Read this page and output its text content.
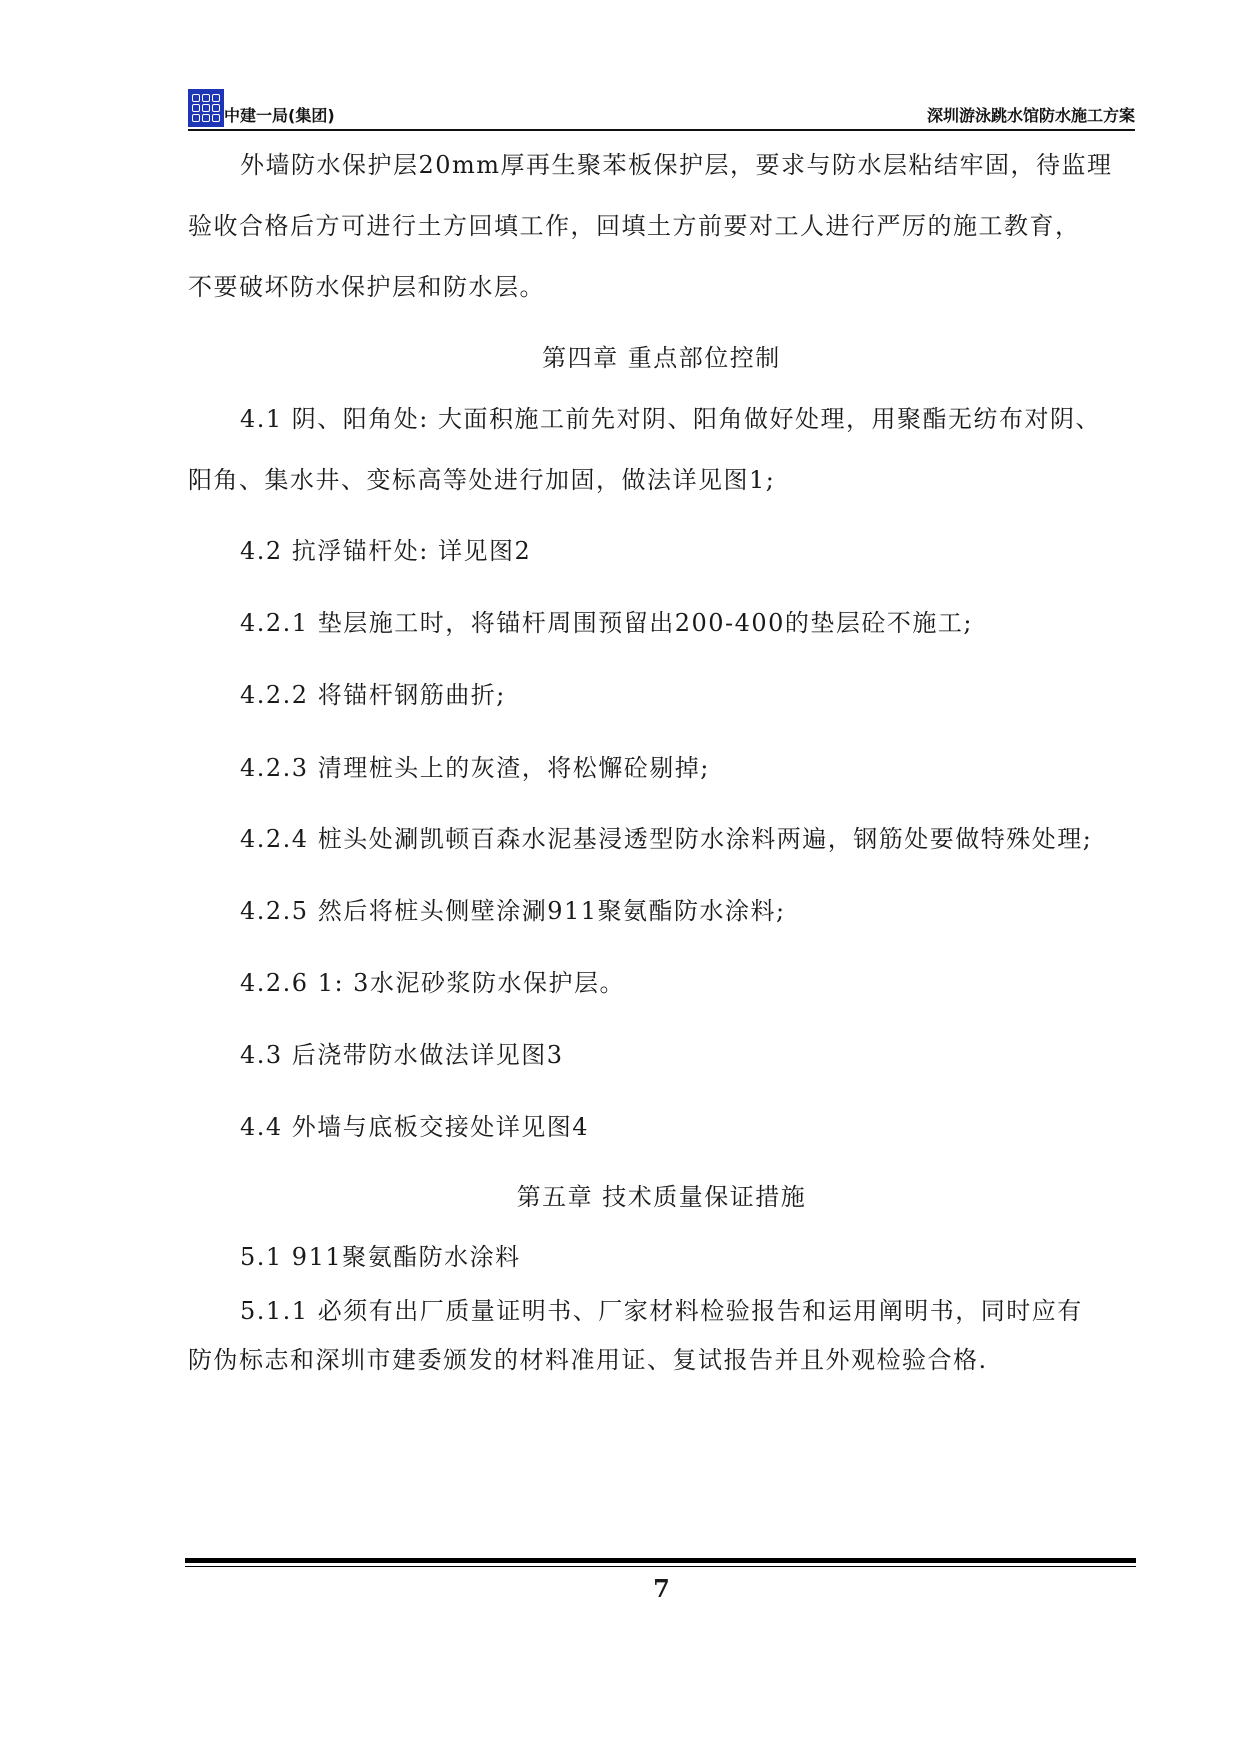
中建一局(集团)	深圳游泳跳水馆防水施工方案
外墙防水保护层20mm厚再生聚苯板保护层，要求与防水层粘结牢固，待监理
验收合格后方可进行土方回填工作，回填土方前要对工人进行严厉的施工教育，
不要破坏防水保护层和防水层。
第四章 重点部位控制
4.1 阴、阳角处: 大面积施工前先对阴、阳角做好处理，用聚酯无纺布对阴、
阳角、集水井、变标高等处进行加固，做法详见图1;
4.2 抗浮锚杆处: 详见图2
4.2.1 垫层施工时，将锚杆周围预留出200-400的垫层砼不施工;
4.2.2 将锚杆钢筋曲折;
4.2.3 清理桩头上的灰渣，将松懈砼剔掉;
4.2.4 桩头处涮凯顿百森水泥基浸透型防水涂料两遍，钢筋处要做特殊处理;
4.2.5 然后将桩头侧壁涂涮911聚氨酯防水涂料;
4.2.6 1: 3水泥砂浆防水保护层。
4.3 后浇带防水做法详见图3
4.4 外墙与底板交接处详见图4
第五章 技术质量保证措施
5.1 911聚氨酯防水涂料
5.1.1 必须有出厂质量证明书、厂家材料检验报告和运用阐明书，同时应有
防伪标志和深圳市建委颁发的材料准用证、复试报告并且外观检验合格.
7
